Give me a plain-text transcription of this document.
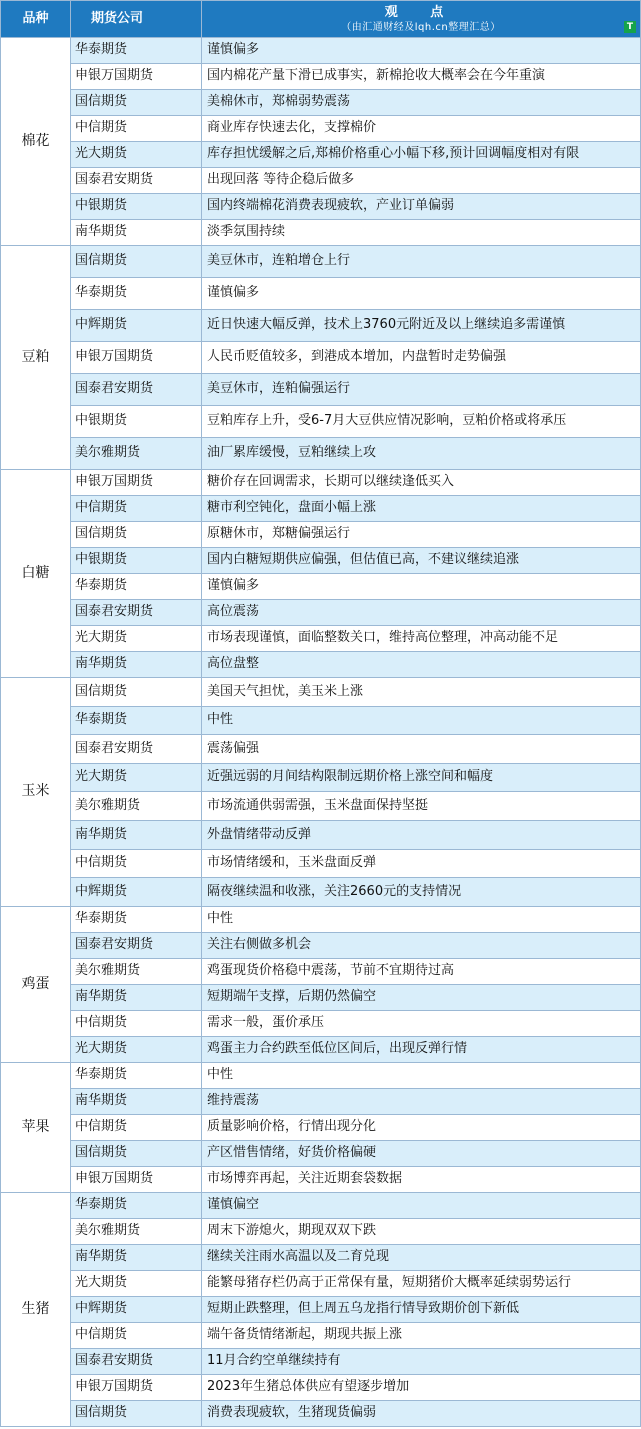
品种	期货公司	观 点
（由汇通财经及lqh.cn整理汇总） T

棉花	华泰期货	谨慎偏多
	申银万国期货	国内棉花产量下滑已成事实，新棉抢收大概率会在今年重演
	国信期货	美棉休市，郑棉弱势震荡
	中信期货	商业库存快速去化，支撑棉价
	光大期货	库存担忧缓解之后,郑棉价格重心小幅下移,预计回调幅度相对有限
	国泰君安期货	出现回落 等待企稳后做多
	中银期货	国内终端棉花消费表现疲软，产业订单偏弱
	南华期货	淡季氛围持续
豆粕	国信期货	美豆休市，连粕增仓上行
	华泰期货	谨慎偏多
	中辉期货	近日快速大幅反弹，技术上3760元附近及以上继续追多需谨慎
	申银万国期货	人民币贬值较多，到港成本增加，内盘暂时走势偏强
	国泰君安期货	美豆休市，连粕偏强运行
	中银期货	豆粕库存上升，受6-7月大豆供应情况影响，豆粕价格或将承压
	美尔雅期货	油厂累库缓慢，豆粕继续上攻
白糖	申银万国期货	糖价存在回调需求，长期可以继续逢低买入
	中信期货	糖市利空钝化，盘面小幅上涨
	国信期货	原糖休市，郑糖偏强运行
	中银期货	国内白糖短期供应偏强，但估值已高，不建议继续追涨
	华泰期货	谨慎偏多
	国泰君安期货	高位震荡
	光大期货	市场表现谨慎，面临整数关口，维持高位整理，冲高动能不足
	南华期货	高位盘整
玉米	国信期货	美国天气担忧，美玉米上涨
	华泰期货	中性
	国泰君安期货	震荡偏强
	光大期货	近强远弱的月间结构限制远期价格上涨空间和幅度
	美尔雅期货	市场流通供弱需强，玉米盘面保持坚挺
	南华期货	外盘情绪带动反弹
	中信期货	市场情绪缓和，玉米盘面反弹
	中辉期货	隔夜继续温和收涨，关注2660元的支持情况
鸡蛋	华泰期货	中性
	国泰君安期货	关注右侧做多机会
	美尔雅期货	鸡蛋现货价格稳中震荡，节前不宜期待过高
	南华期货	短期端午支撑，后期仍然偏空
	中信期货	需求一般，蛋价承压
	光大期货	鸡蛋主力合约跌至低位区间后，出现反弹行情
苹果	华泰期货	中性
	南华期货	维持震荡
	中信期货	质量影响价格，行情出现分化
	国信期货	产区惜售情绪，好货价格偏硬
	申银万国期货	市场博弈再起，关注近期套袋数据
生猪	华泰期货	谨慎偏空
	美尔雅期货	周末下游熄火，期现双双下跌
	南华期货	继续关注雨水高温以及二育兑现
	光大期货	能繁母猪存栏仍高于正常保有量，短期猪价大概率延续弱势运行
	中辉期货	短期止跌整理，但上周五乌龙指行情导致期价创下新低
	中信期货	端午备货情绪渐起，期现共振上涨
	国泰君安期货	11月合约空单继续持有
	申银万国期货	2023年生猪总体供应有望逐步增加
	国信期货	消费表现疲软，生猪现货偏弱
